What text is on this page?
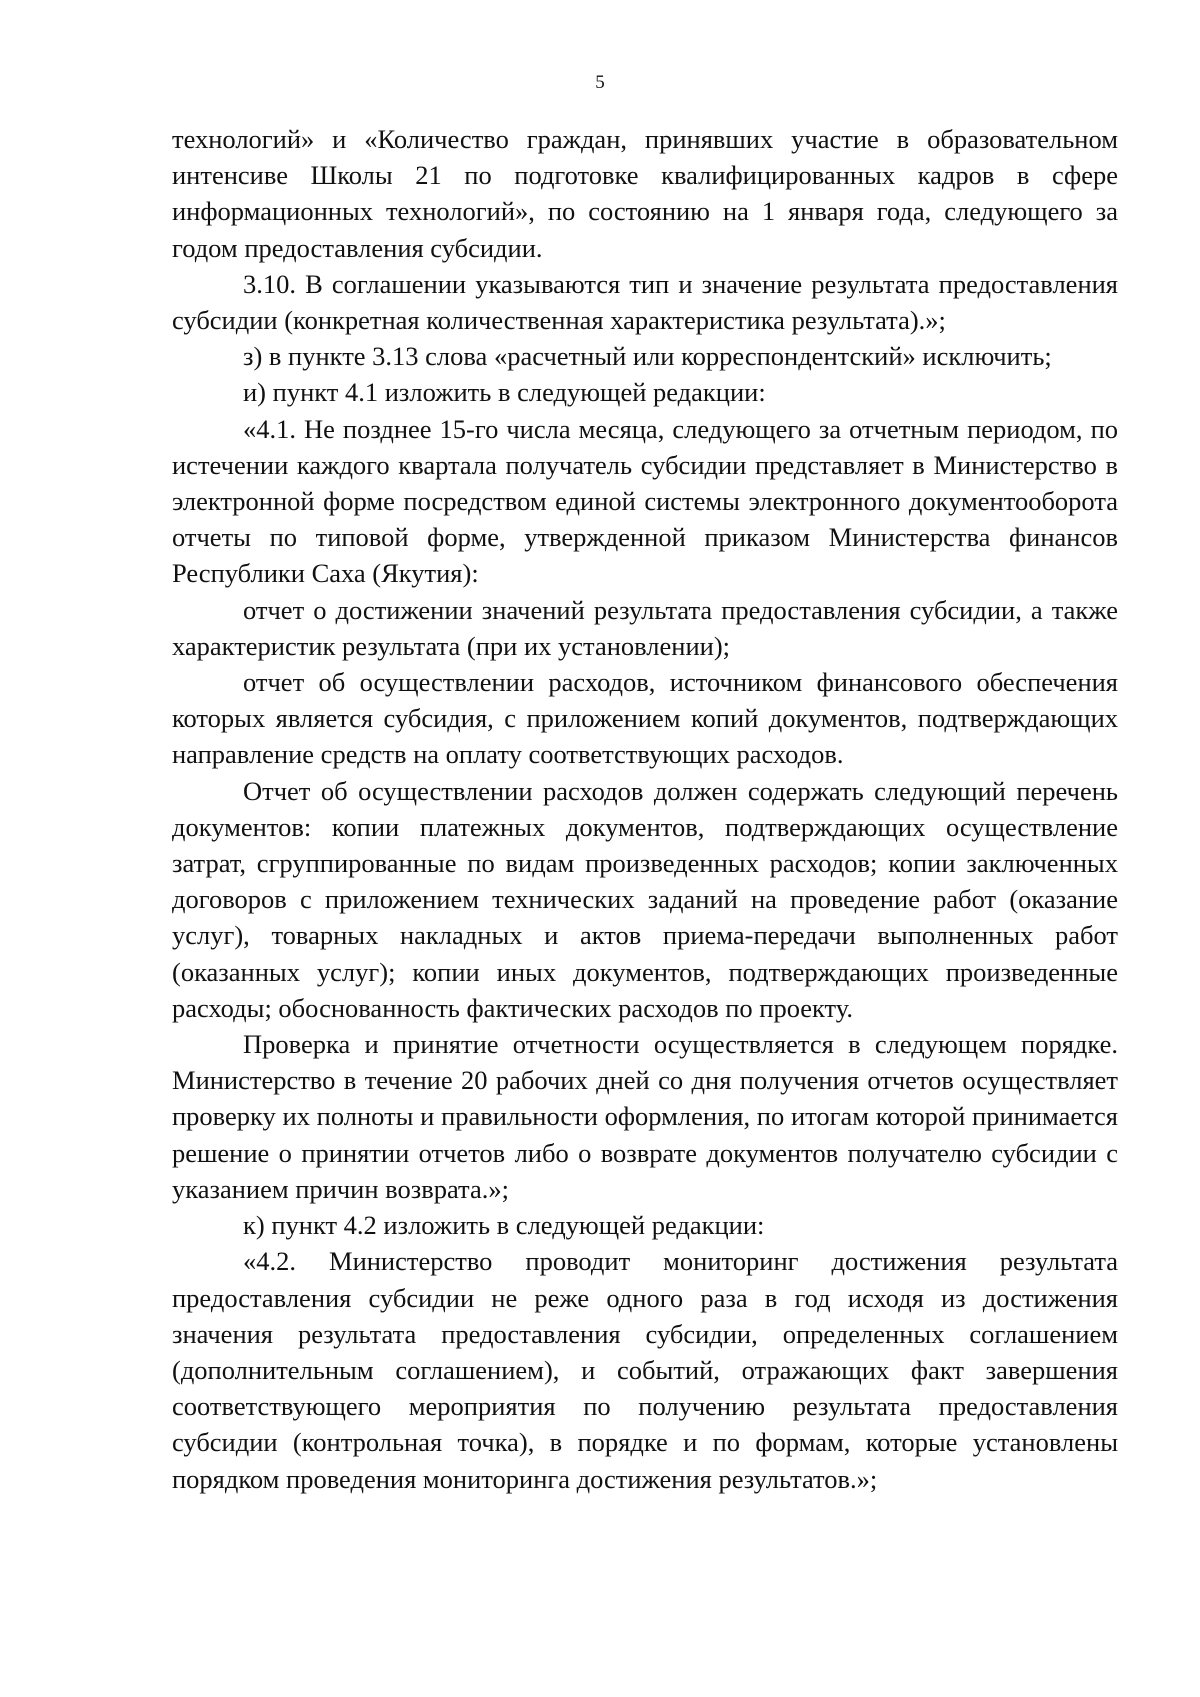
5

технологий» и «Количество граждан, принявших участие в образовательном интенсиве Школы 21 по подготовке квалифицированных кадров в сфере информационных технологий», по состоянию на 1 января года, следующего за годом предоставления субсидии.

3.10. В соглашении указываются тип и значение результата предоставления субсидии (конкретная количественная характеристика результата).»;

з) в пункте 3.13 слова «расчетный или корреспондентский» исключить;

и) пункт 4.1 изложить в следующей редакции:

«4.1. Не позднее 15-го числа месяца, следующего за отчетным периодом, по истечении каждого квартала получатель субсидии представляет в Министерство в электронной форме посредством единой системы электронного документооборота отчеты по типовой форме, утвержденной приказом Министерства финансов Республики Саха (Якутия):

отчет о достижении значений результата предоставления субсидии, а также характеристик результата (при их установлении);

отчет об осуществлении расходов, источником финансового обеспечения которых является субсидия, с приложением копий документов, подтверждающих направление средств на оплату соответствующих расходов.

Отчет об осуществлении расходов должен содержать следующий перечень документов: копии платежных документов, подтверждающих осуществление затрат, сгруппированные по видам произведенных расходов; копии заключенных договоров с приложением технических заданий на проведение работ (оказание услуг), товарных накладных и актов приема-передачи выполненных работ (оказанных услуг); копии иных документов, подтверждающих произведенные расходы; обоснованность фактических расходов по проекту.

Проверка и принятие отчетности осуществляется в следующем порядке. Министерство в течение 20 рабочих дней со дня получения отчетов осуществляет проверку их полноты и правильности оформления, по итогам которой принимается решение о принятии отчетов либо о возврате документов получателю субсидии с указанием причин возврата.»;

к) пункт 4.2 изложить в следующей редакции:

«4.2. Министерство проводит мониторинг достижения результата предоставления субсидии не реже одного раза в год исходя из достижения значения результата предоставления субсидии, определенных соглашением (дополнительным соглашением), и событий, отражающих факт завершения соответствующего мероприятия по получению результата предоставления субсидии (контрольная точка), в порядке и по формам, которые установлены порядком проведения мониторинга достижения результатов.»;
